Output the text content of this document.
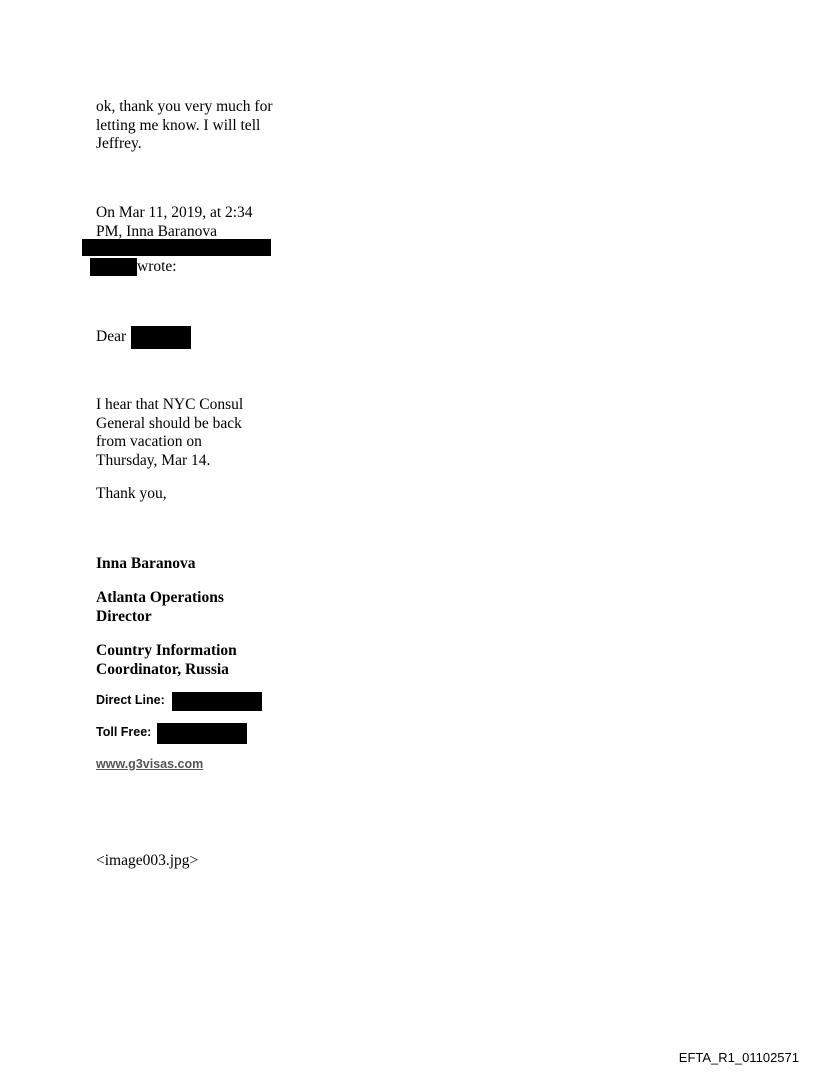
ok, thank you very much for
letting me know. I will tell
Jeffrey.
On Mar 11, 2019, at 2:34
PM, Inna Baranova
wrote:
Dear
I hear that NYC Consul
General should be back
from vacation on
Thursday, Mar 14.
Thank you,
Inna Baranova
Atlanta Operations
Director
Country Information
Coordinator, Russia
Direct Line:
Toll Free:
www.g3visas.com
<image003.jpg>
EFTA_R1_01102571
